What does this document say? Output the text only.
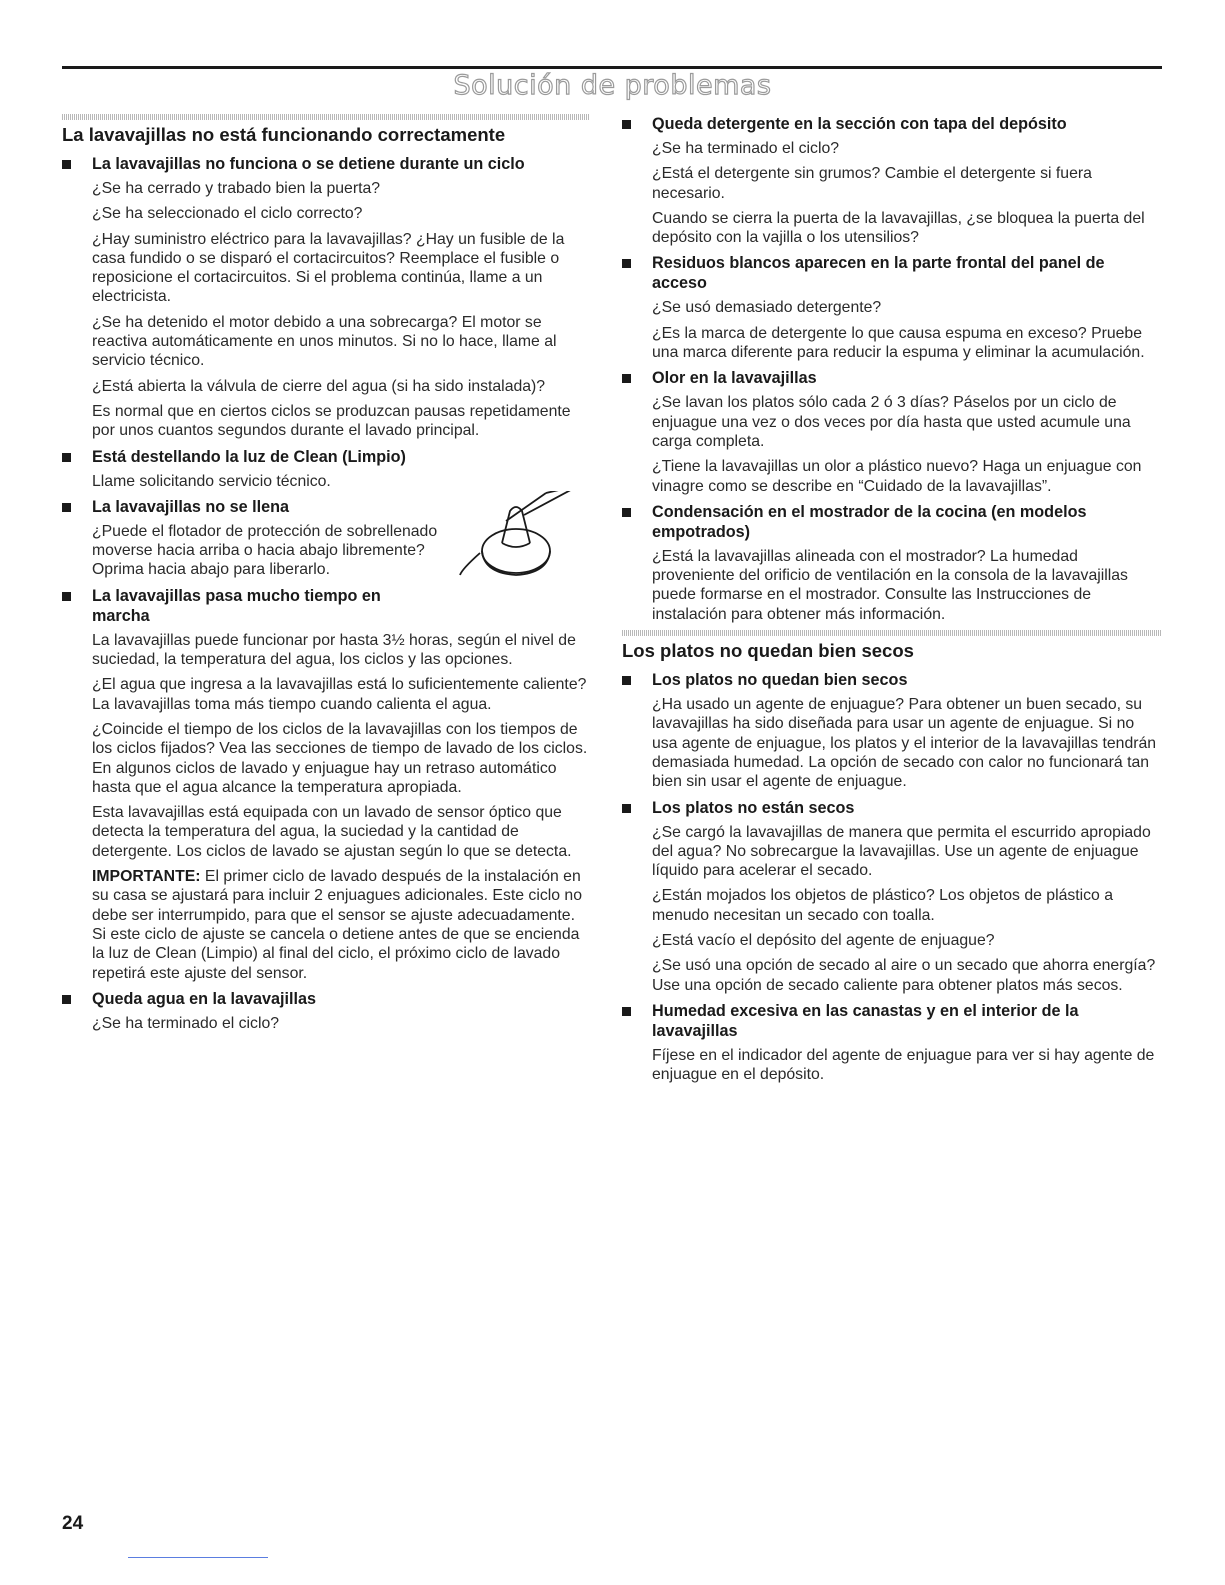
Solución de problemas
La lavavajillas no está funcionando correctamente
La lavavajillas no funciona o se detiene durante un ciclo

¿Se ha cerrado y trabado bien la puerta?

¿Se ha seleccionado el ciclo correcto?

¿Hay suministro eléctrico para la lavavajillas? ¿Hay un fusible de la casa fundido o se disparó el cortacircuitos? Reemplace el fusible o reposicione el cortacircuitos. Si el problema continúa, llame a un electricista.

¿Se ha detenido el motor debido a una sobrecarga? El motor se reactiva automáticamente en unos minutos. Si no lo hace, llame al servicio técnico.

¿Está abierta la válvula de cierre del agua (si ha sido instalada)?

Es normal que en ciertos ciclos se produzcan pausas repetidamente por unos cuantos segundos durante el lavado principal.

Está destellando la luz de Clean (Limpio)

Llame solicitando servicio técnico.

La lavavajillas no se llena

¿Puede el flotador de protección de sobrellenado moverse hacia arriba o hacia abajo libremente? Oprima hacia abajo para liberarlo.

La lavavajillas pasa mucho tiempo en marcha

La lavavajillas puede funcionar por hasta 3½ horas, según el nivel de suciedad, la temperatura del agua, los ciclos y las opciones.

¿El agua que ingresa a la lavavajillas está lo suficientemente caliente? La lavavajillas toma más tiempo cuando calienta el agua.

¿Coincide el tiempo de los ciclos de la lavavajillas con los tiempos de los ciclos fijados? Vea las secciones de tiempo de lavado de los ciclos. En algunos ciclos de lavado y enjuague hay un retraso automático hasta que el agua alcance la temperatura apropiada.

Esta lavavajillas está equipada con un lavado de sensor óptico que detecta la temperatura del agua, la suciedad y la cantidad de detergente. Los ciclos de lavado se ajustan según lo que se detecta.

IMPORTANTE: El primer ciclo de lavado después de la instalación en su casa se ajustará para incluir 2 enjuagues adicionales. Este ciclo no debe ser interrumpido, para que el sensor se ajuste adecuadamente. Si este ciclo de ajuste se cancela o detiene antes de que se encienda la luz de Clean (Limpio) al final del ciclo, el próximo ciclo de lavado repetirá este ajuste del sensor.

Queda agua en la lavavajillas

¿Se ha terminado el ciclo?

Queda detergente en la sección con tapa del depósito

¿Se ha terminado el ciclo?

¿Está el detergente sin grumos? Cambie el detergente si fuera necesario.

Cuando se cierra la puerta de la lavavajillas, ¿se bloquea la puerta del depósito con la vajilla o los utensilios?

Residuos blancos aparecen en la parte frontal del panel de acceso

¿Se usó demasiado detergente?

¿Es la marca de detergente lo que causa espuma en exceso? Pruebe una marca diferente para reducir la espuma y eliminar la acumulación.

Olor en la lavavajillas

¿Se lavan los platos sólo cada 2 ó 3 días? Páselos por un ciclo de enjuague una vez o dos veces por día hasta que usted acumule una carga completa.

¿Tiene la lavavajillas un olor a plástico nuevo? Haga un enjuague con vinagre como se describe en “Cuidado de la lavavajillas”.

Condensación en el mostrador de la cocina (en modelos empotrados)

¿Está la lavavajillas alineada con el mostrador? La humedad proveniente del orificio de ventilación en la consola de la lavavajillas puede formarse en el mostrador. Consulte las Instrucciones de instalación para obtener más información.

Los platos no quedan bien secos
Los platos no quedan bien secos

¿Ha usado un agente de enjuague? Para obtener un buen secado, su lavavajillas ha sido diseñada para usar un agente de enjuague. Si no usa agente de enjuague, los platos y el interior de la lavavajillas tendrán demasiada humedad. La opción de secado con calor no funcionará tan bien sin usar el agente de enjuague.

Los platos no están secos

¿Se cargó la lavavajillas de manera que permita el escurrido apropiado del agua? No sobrecargue la lavavajillas. Use un agente de enjuague líquido para acelerar el secado.

¿Están mojados los objetos de plástico? Los objetos de plástico a menudo necesitan un secado con toalla.

¿Está vacío el depósito del agente de enjuague?

¿Se usó una opción de secado al aire o un secado que ahorra energía? Use una opción de secado caliente para obtener platos más secos.

Humedad excesiva en las canastas y en el interior de la lavavajillas

Fíjese en el indicador del agente de enjuague para ver si hay agente de enjuague en el depósito.

24
